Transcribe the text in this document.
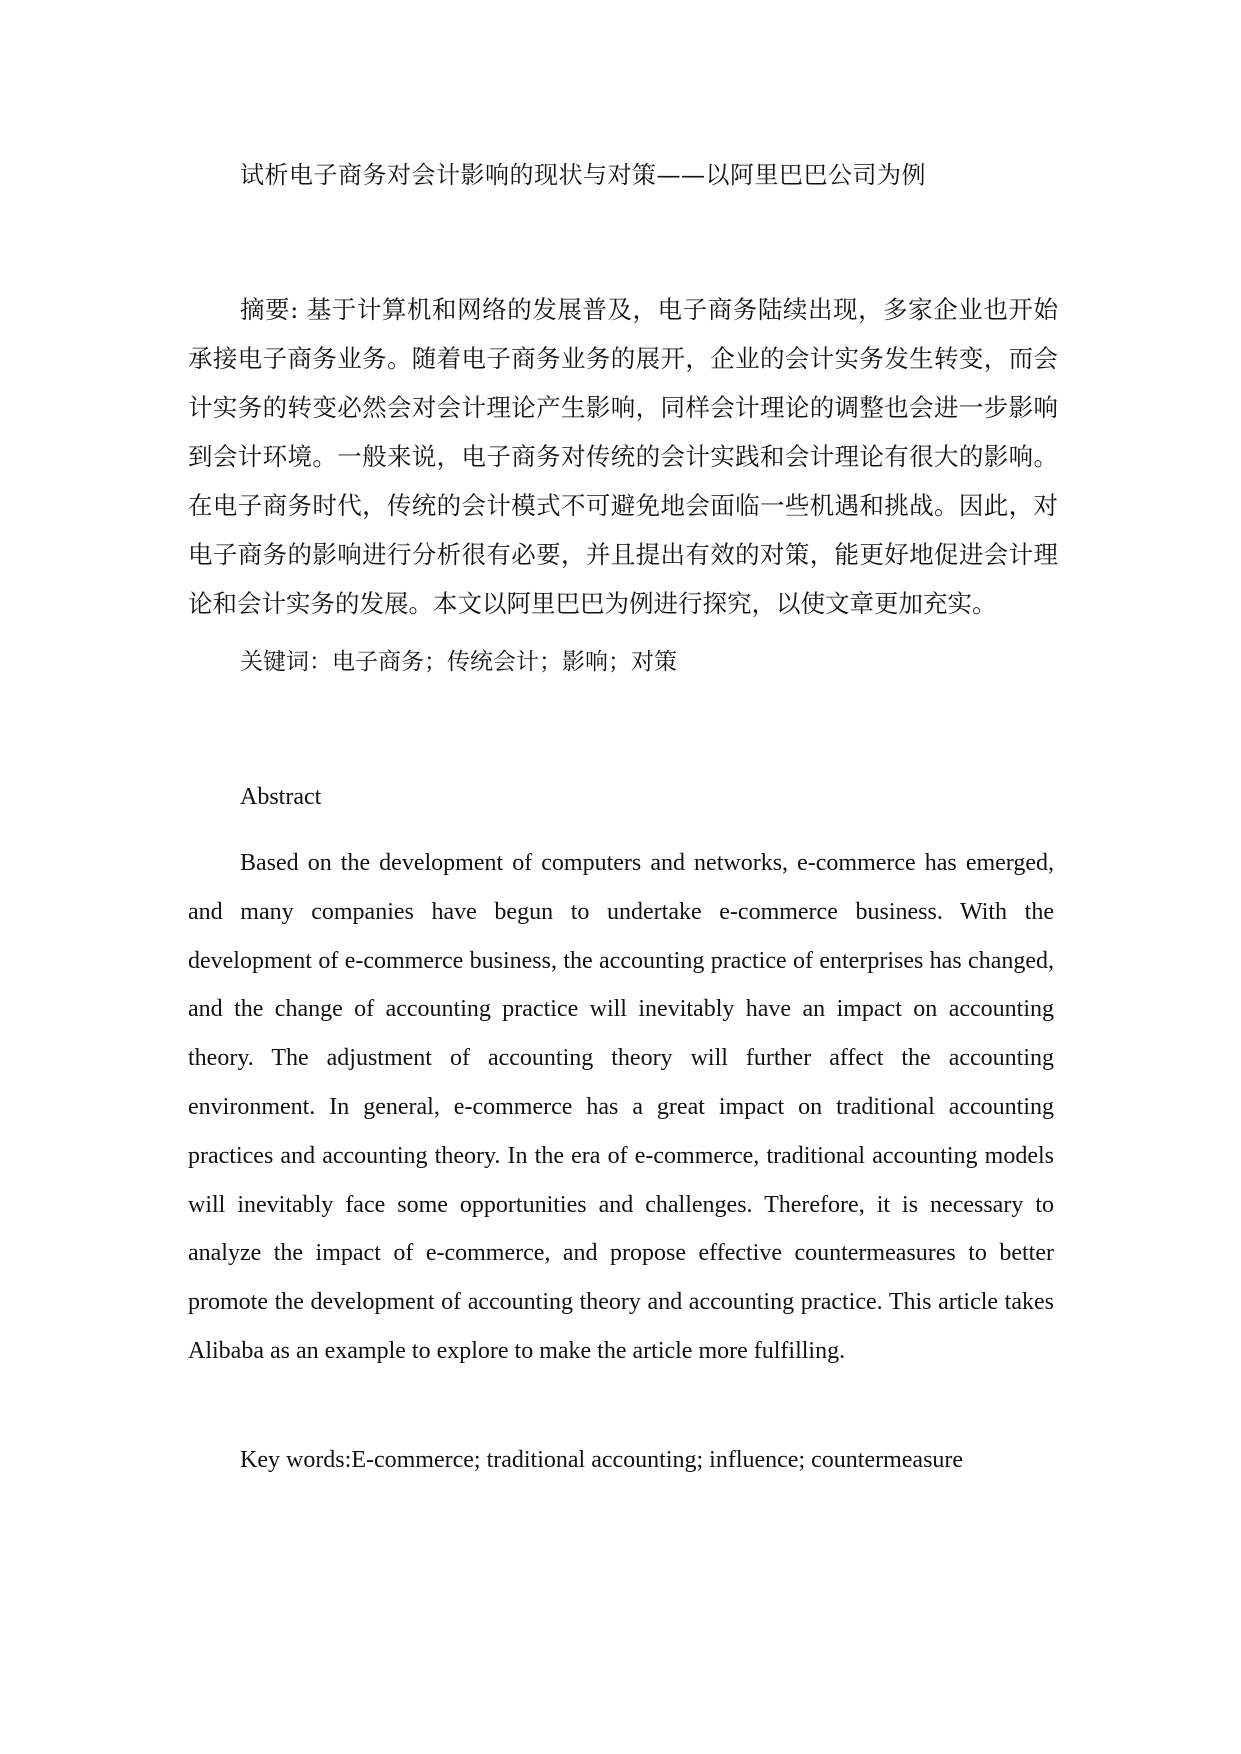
试析电子商务对会计影响的现状与对策——以阿里巴巴公司为例

摘要: 基于计算机和网络的发展普及，电子商务陆续出现，多家企业也开始承接电子商务业务。随着电子商务业务的展开，企业的会计实务发生转变，而会计实务的转变必然会对会计理论产生影响，同样会计理论的调整也会进一步影响到会计环境。一般来说，电子商务对传统的会计实践和会计理论有很大的影响。在电子商务时代，传统的会计模式不可避免地会面临一些机遇和挑战。因此，对电子商务的影响进行分析很有必要，并且提出有效的对策，能更好地促进会计理论和会计实务的发展。本文以阿里巴巴为例进行探究，以使文章更加充实。

关键词：电子商务；传统会计；影响；对策

Abstract

Based on the development of computers and networks, e-commerce has emerged, and many companies have begun to undertake e-commerce business. With the development of e-commerce business, the accounting practice of enterprises has changed, and the change of accounting practice will inevitably have an impact on accounting theory. The adjustment of accounting theory will further affect the accounting environment. In general, e-commerce has a great impact on traditional accounting practices and accounting theory. In the era of e-commerce, traditional accounting models will inevitably face some opportunities and challenges. Therefore, it is necessary to analyze the impact of e-commerce, and propose effective countermeasures to better promote the development of accounting theory and accounting practice. This article takes Alibaba as an example to explore to make the article more fulfilling.

Key words:E-commerce; traditional accounting; influence; countermeasure
